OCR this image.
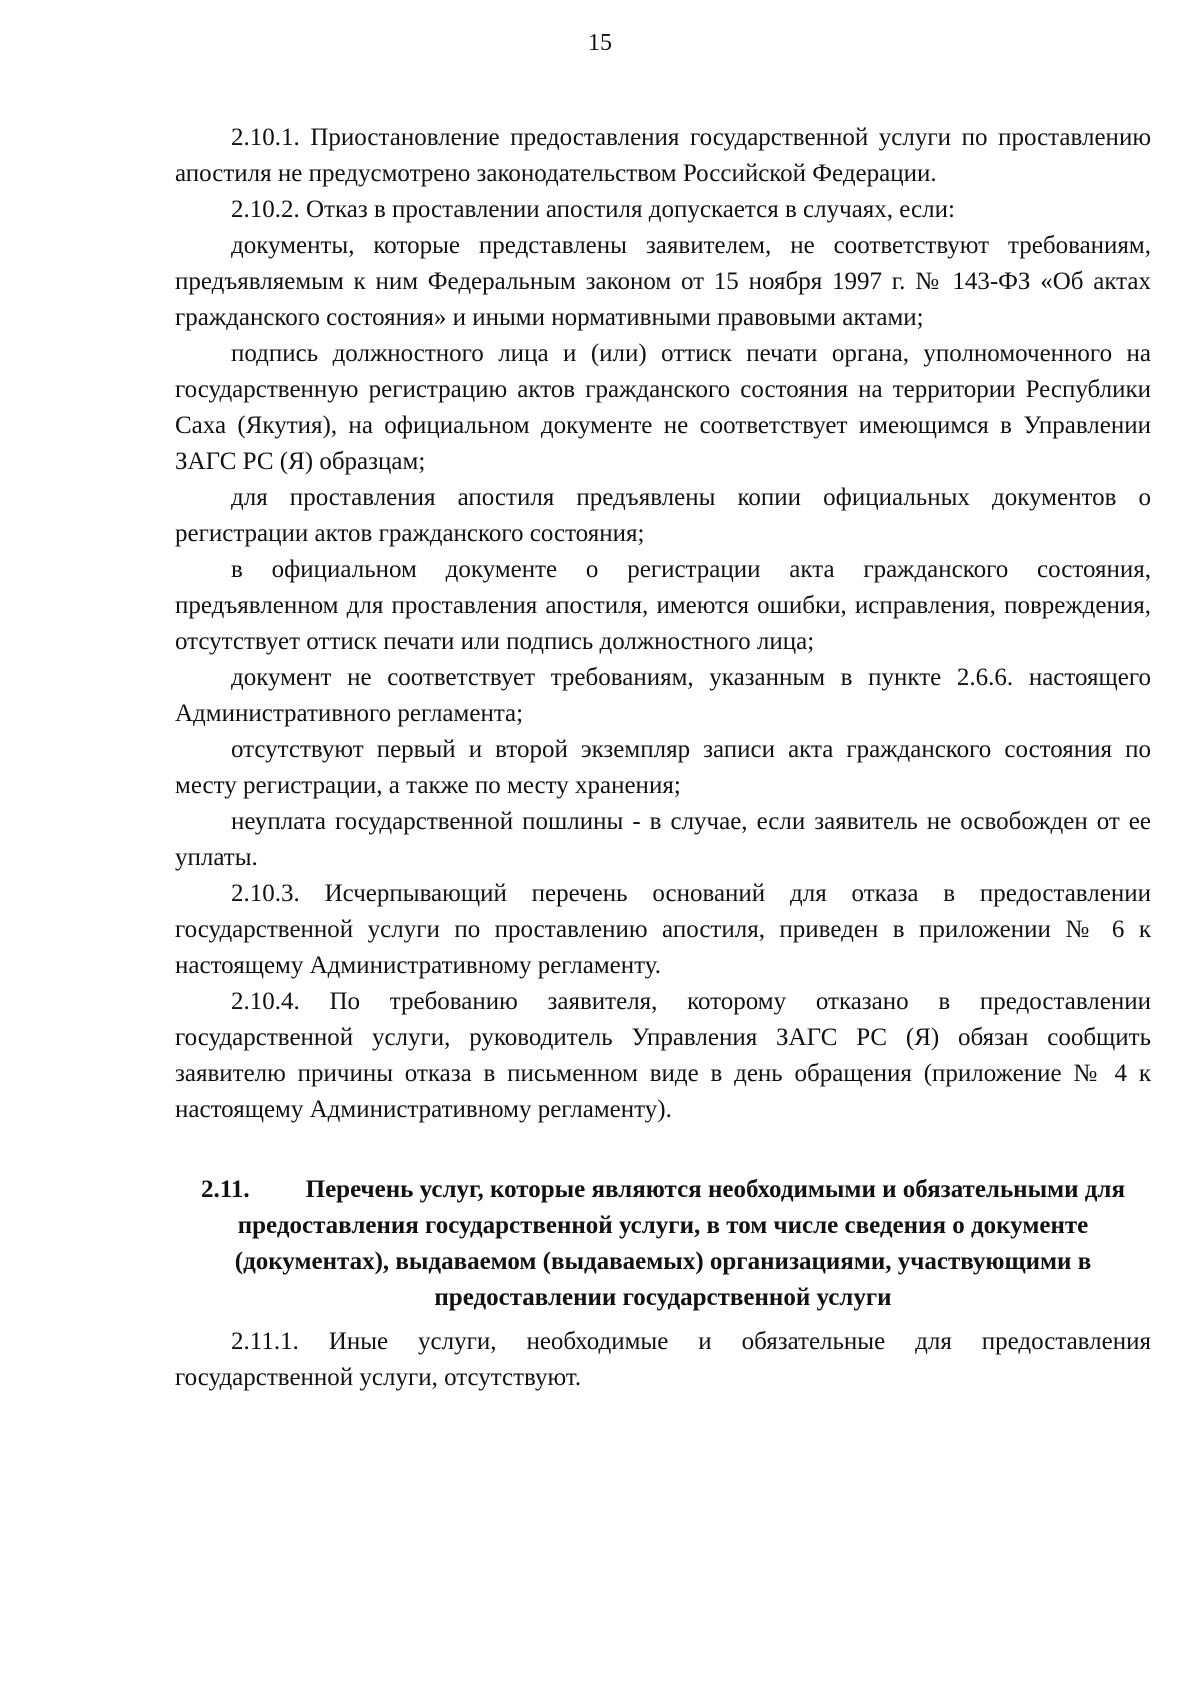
15

2.10.1. Приостановление предоставления государственной услуги по проставлению апостиля не предусмотрено законодательством Российской Федерации.

2.10.2. Отказ в проставлении апостиля допускается в случаях, если:

документы, которые представлены заявителем, не соответствуют требованиям, предъявляемым к ним Федеральным законом от 15 ноября 1997 г. № 143-ФЗ «Об актах гражданского состояния» и иными нормативными правовыми актами;

подпись должностного лица и (или) оттиск печати органа, уполномоченного на государственную регистрацию актов гражданского состояния на территории Республики Саха (Якутия), на официальном документе не соответствует имеющимся в Управлении ЗАГС РС (Я) образцам;

для проставления апостиля предъявлены копии официальных документов о регистрации актов гражданского состояния;

в официальном документе о регистрации акта гражданского состояния, предъявленном для проставления апостиля, имеются ошибки, исправления, повреждения, отсутствует оттиск печати или подпись должностного лица;

документ не соответствует требованиям, указанным в пункте 2.6.6. настоящего Административного регламента;

отсутствуют первый и второй экземпляр записи акта гражданского состояния по месту регистрации, а также по месту хранения;

неуплата государственной пошлины - в случае, если заявитель не освобожден от ее уплаты.

2.10.3. Исчерпывающий перечень оснований для отказа в предоставлении государственной услуги по проставлению апостиля, приведен в приложении № 6 к настоящему Административному регламенту.

2.10.4. По требованию заявителя, которому отказано в предоставлении государственной услуги, руководитель Управления ЗАГС РС (Я) обязан сообщить заявителю причины отказа в письменном виде в день обращения (приложение № 4 к настоящему Административному регламенту).

2.11. Перечень услуг, которые являются необходимыми и обязательными для предоставления государственной услуги, в том числе сведения о документе (документах), выдаваемом (выдаваемых) организациями, участвующими в предоставлении государственной услуги

2.11.1. Иные услуги, необходимые и обязательные для предоставления государственной услуги, отсутствуют.
